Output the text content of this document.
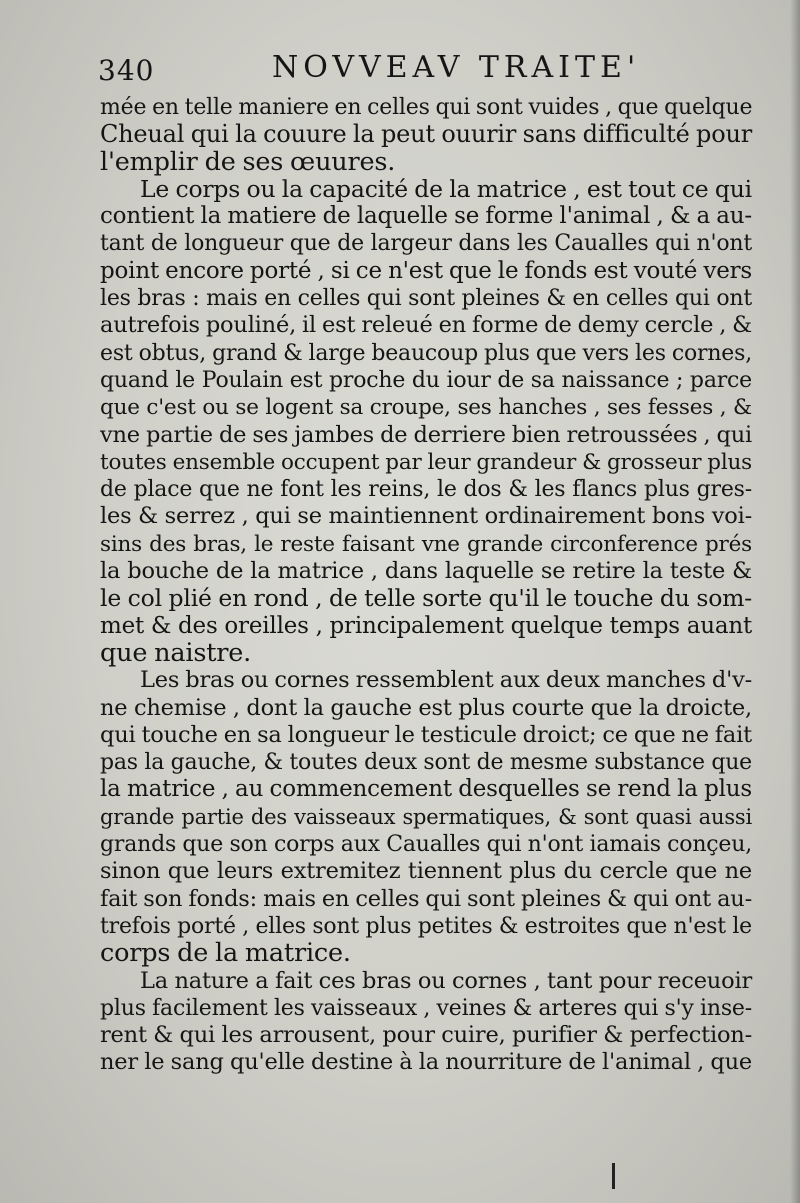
340	NOVVEAV TRAITE'
mée en telle maniere en celles qui sont vuides , que quelque
Cheual qui la couure la peut ouurir sans difficulté pour
l'emplir de ses œuures.
Le corps ou la capacité de la matrice , est tout ce qui
contient la matiere de laquelle se forme l'animal , & a au-
tant de longueur que de largeur dans les Caualles qui n'ont
point encore porté , si ce n'est que le fonds est vouté vers
les bras : mais en celles qui sont pleines & en celles qui ont
autrefois pouliné, il est releué en forme de demy cercle , &
est obtus, grand & large beaucoup plus que vers les cornes,
quand le Poulain est proche du iour de sa naissance ; parce
que c'est ou se logent sa croupe, ses hanches , ses fesses , &
vne partie de ses jambes de derriere bien retroussées , qui
toutes ensemble occupent par leur grandeur & grosseur plus
de place que ne font les reins, le dos & les flancs plus gres-
les & serrez , qui se maintiennent ordinairement bons voi-
sins des bras, le reste faisant vne grande circonference prés
la bouche de la matrice , dans laquelle se retire la teste &
le col plié en rond , de telle sorte qu'il le touche du som-
met & des oreilles , principalement quelque temps auant
que naistre.
Les bras ou cornes ressemblent aux deux manches d'v-
ne chemise , dont la gauche est plus courte que la droicte,
qui touche en sa longueur le testicule droict; ce que ne fait
pas la gauche, & toutes deux sont de mesme substance que
la matrice , au commencement desquelles se rend la plus
grande partie des vaisseaux spermatiques, & sont quasi aussi
grands que son corps aux Caualles qui n'ont iamais conçeu,
sinon que leurs extremitez tiennent plus du cercle que ne
fait son fonds: mais en celles qui sont pleines & qui ont au-
trefois porté , elles sont plus petites & estroites que n'est le
corps de la matrice.
La nature a fait ces bras ou cornes , tant pour receuoir
plus facilement les vaisseaux , veines & arteres qui s'y inse-
rent & qui les arrousent, pour cuire, purifier & perfection-
ner le sang qu'elle destine à la nourriture de l'animal , que
